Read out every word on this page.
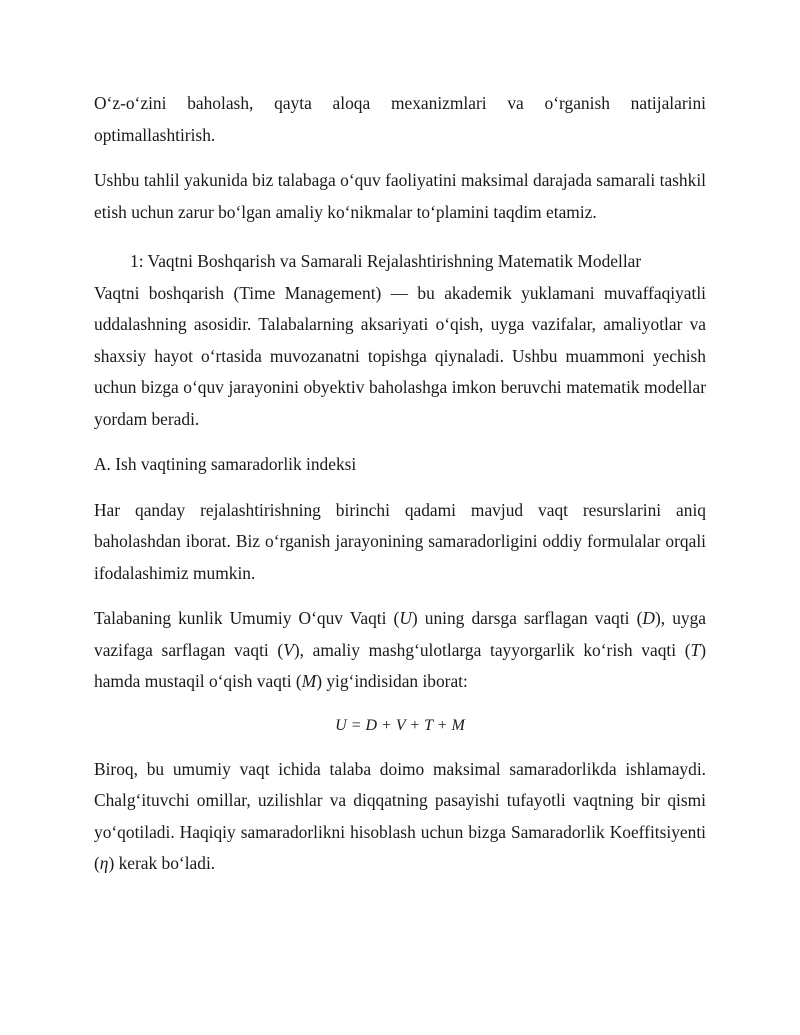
O‘z-o‘zini baholash, qayta aloqa mexanizmlari va o‘rganish natijalarini optimallashtirish.

Ushbu tahlil yakunida biz talabaga o‘quv faoliyatini maksimal darajada samarali tashkil etish uchun zarur bo‘lgan amaliy ko‘nikmalar to‘plamini taqdim etamiz.

1: Vaqtni Boshqarish va Samarali Rejalashtirishning Matematik Modellar

Vaqtni boshqarish (Time Management) — bu akademik yuklamani muvaffaqiyatli uddalashning asosidir. Talabalarning aksariyati o‘qish, uyga vazifalar, amaliyotlar va shaxsiy hayot o‘rtasida muvozanatni topishga qiynaladi. Ushbu muammoni yechish uchun bizga o‘quv jarayonini obyektiv baholashga imkon beruvchi matematik modellar yordam beradi.

A. Ish vaqtining samaradorlik indeksi

Har qanday rejalashtirishning birinchi qadami mavjud vaqt resurslarini aniq baholashdan iborat. Biz o‘rganish jarayonining samaradorligini oddiy formulalar orqali ifodalashimiz mumkin.

Talabaning kunlik Umumiy O‘quv Vaqti (U) uning darsga sarflagan vaqti (D), uyga vazifaga sarflagan vaqti (V), amaliy mashg‘ulotlarga tayyorgarlik ko‘rish vaqti (T) hamda mustaqil o‘qish vaqti (M) yig‘indisidan iborat:

U = D + V + T + M

Biroq, bu umumiy vaqt ichida talaba doimo maksimal samaradorlikda ishlamaydi. Chalg‘ituvchi omillar, uzilishlar va diqqatning pasayishi tufayotli vaqtning bir qismi yo‘qotiladi. Haqiqiy samaradorlikni hisoblash uchun bizga Samaradorlik Koeffitsiyenti (η) kerak bo‘ladi.
